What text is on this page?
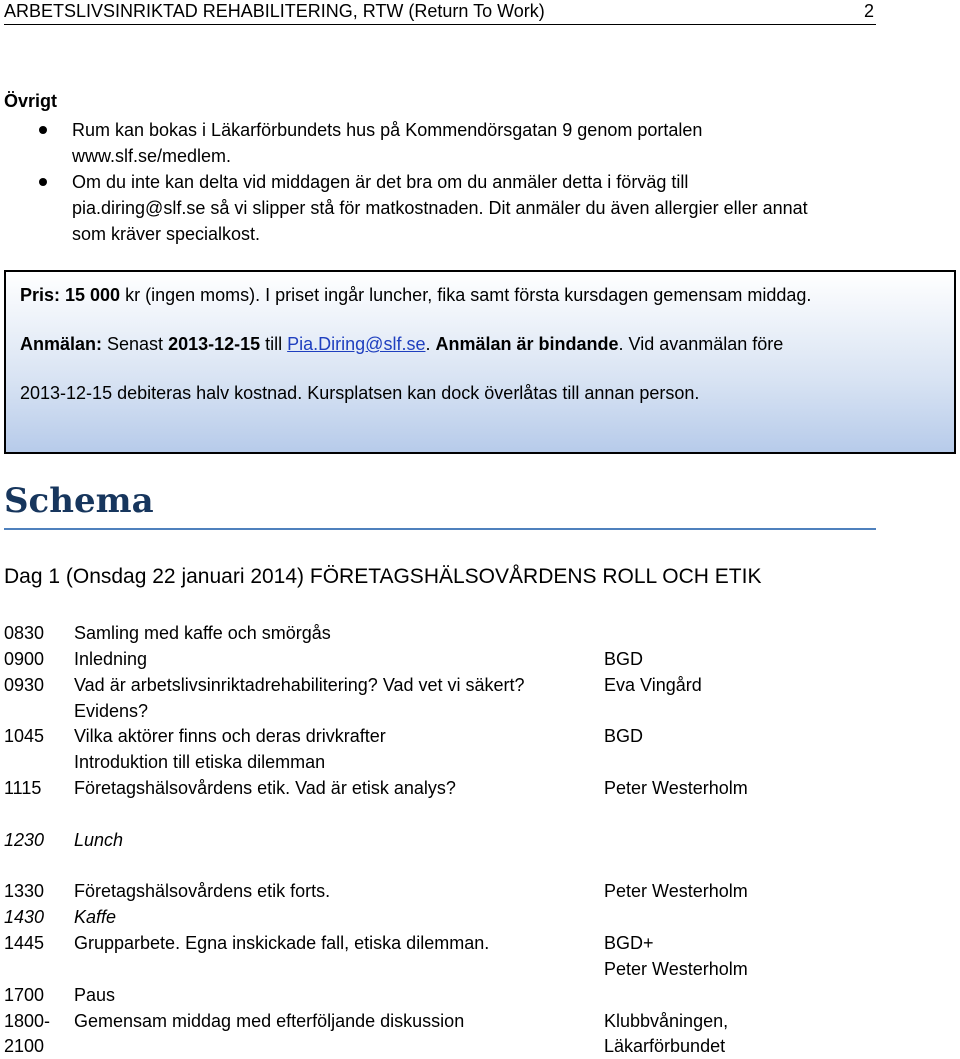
ARBETSLIVSINRIKTAD REHABILITERING, RTW (Return To Work)	2
Övrigt
Rum kan bokas i Läkarförbundets hus på Kommendörsgatan 9 genom portalen
www.slf.se/medlem.
Om du inte kan delta vid middagen är det bra om du anmäler detta i förväg till
pia.diring@slf.se så vi slipper stå för matkostnaden. Dit anmäler du även allergier eller annat
som kräver specialkost.
Pris: 15 000 kr (ingen moms). I priset ingår luncher, fika samt första kursdagen gemensam middag.
Anmälan: Senast 2013-12-15 till Pia.Diring@slf.se. Anmälan är bindande. Vid avanmälan före
2013-12-15 debiteras halv kostnad. Kursplatsen kan dock överlåtas till annan person.
Schema
Dag 1 (Onsdag 22 januari 2014) FÖRETAGSHÄLSOVÅRDENS ROLL OCH ETIK
0830 Samling med kaffe och smörgås
0900 Inledning	BGD
0930 Vad är arbetslivsinriktadrehabilitering? Vad vet vi säkert?	Eva Vingård
Evidens?
1045 Vilka aktörer finns och deras drivkrafter	BGD
Introduktion till etiska dilemman
1115 Företagshälsovårdens etik. Vad är etisk analys?	Peter Westerholm
1230 Lunch
1330 Företagshälsovårdens etik forts.	Peter Westerholm
1430 Kaffe
1445 Grupparbete. Egna inskickade fall, etiska dilemman.	BGD+
Peter Westerholm
1700 Paus
1800- Gemensam middag med efterföljande diskussion	Klubbvåningen,
2100	Läkarförbundet
